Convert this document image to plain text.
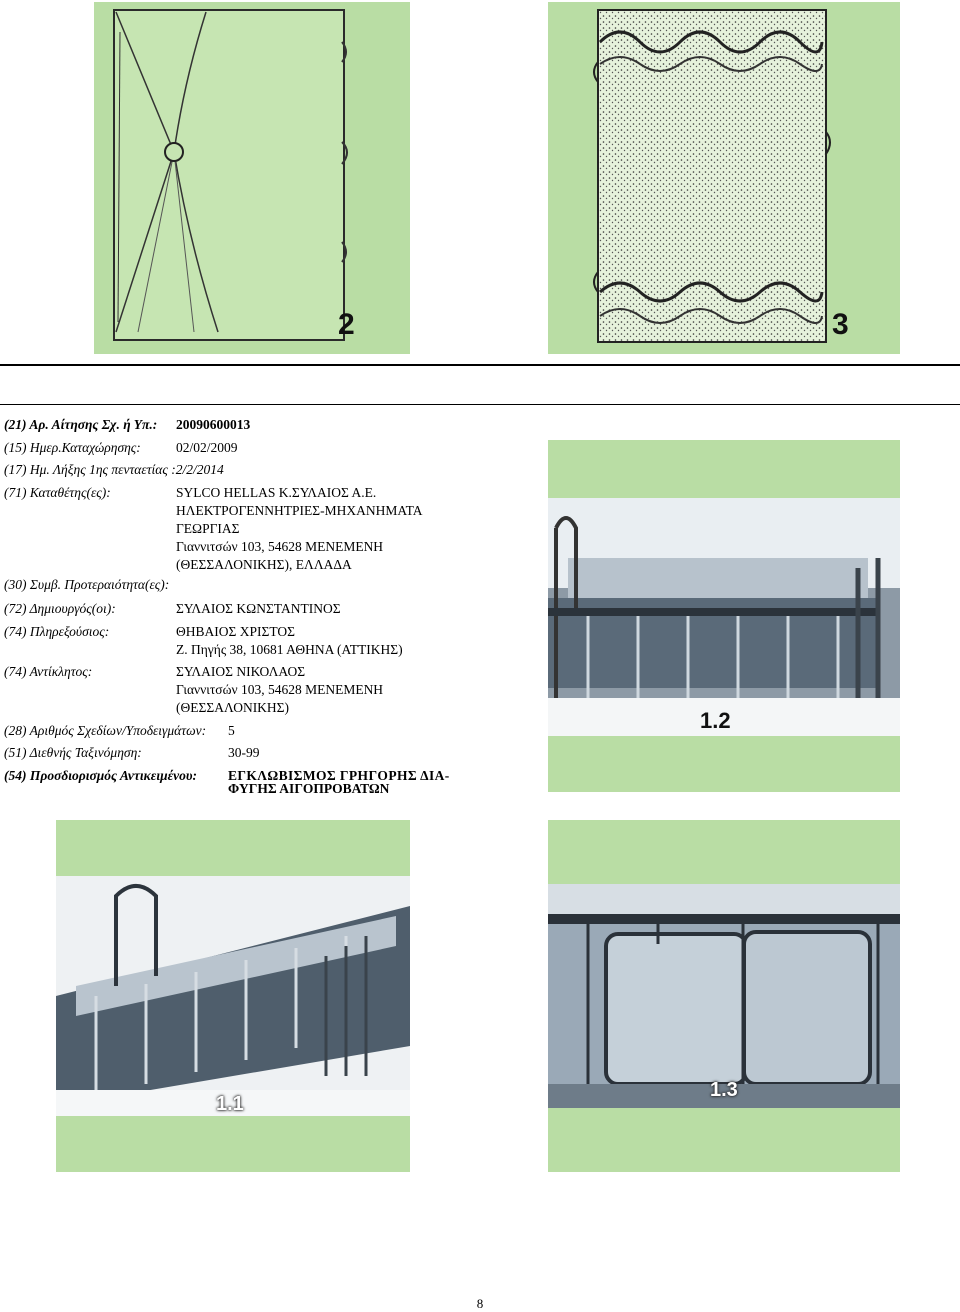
2	3
(21) Αρ. Αίτησης Σχ. ή Υπ.: 20090600013
(15) Ημερ.Καταχώρησης:	02/02/2009
(17) Ημ. Λήξης 1ης πενταετίας :2/2/2014
(71) Καταθέτης(ες):	SYLCO HELLAS Κ.ΣΥΛΑΙΟΣ Α.Ε.
ΗΛΕΚΤΡΟΓΕΝΝΗΤΡΙΕΣ-ΜΗΧΑΝΗΜΑΤΑ
ΓΕΩΡΓΙΑΣ
Γιαννιτσών 103, 54628 ΜΕΝΕΜΕΝΗ
(ΘΕΣΣΑΛΟΝΙΚΗΣ), ΕΛΛΑΔΑ
(30) Συμβ. Προτεραιότητα(ες):
(72) Δημιουργός(οι):	ΣΥΛΑΙΟΣ ΚΩΝΣΤΑΝΤΙΝΟΣ
(74) Πληρεξούσιος:	ΘΗΒΑΙΟΣ ΧΡΙΣΤΟΣ
Ζ. Πηγής 38, 10681 ΑΘΗΝΑ (ΑΤΤΙΚΗΣ)
(74) Αντίκλητος:	ΣΥΛΑΙΟΣ ΝΙΚΟΛΑΟΣ
Γιαννιτσών 103, 54628 ΜΕΝΕΜΕΝΗ
(ΘΕΣΣΑΛΟΝΙΚΗΣ)
(28) Αριθμός Σχεδίων/Υποδειγμάτων: 5
(51) Διεθνής Ταξινόμηση:	30-99
(54) Προσδιορισμός Αντικειμένου: ΕΓΚΛΩΒΙΣΜΟΣ ΓΡΗΓΟΡΗΣ ΔΙΑ-
ΦΥΓΗΣ ΑΙΓΟΠΡΟΒΑΤΩΝ
1.2
1.1
1.3
8
